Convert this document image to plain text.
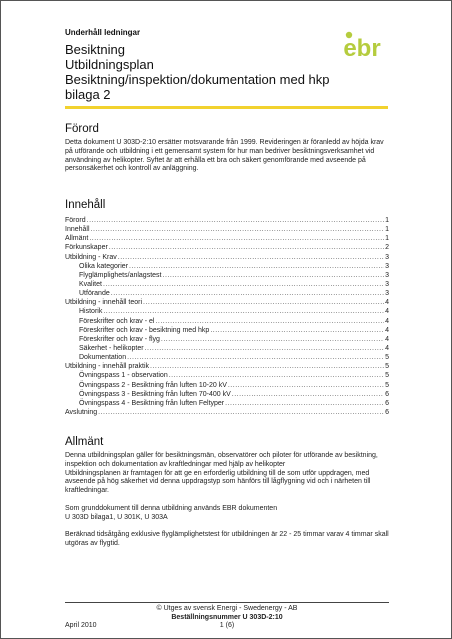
Underhåll ledningar
Besiktning
Utbildningsplan
Besiktning/inspektion/dokumentation med hkp
bilaga 2
ebr
Förord

Detta dokument U 303D-2:10 ersätter motsvarande från 1999. Revideringen är föranledd av höjda krav på utförande och utbildning i ett gemensamt system för hur man bedriver besiktningsverksamhet vid användning av helikopter. Syftet är att erhålla ett bra och säkert genomförande med avseende på personsäkerhet och kontroll av anläggning.

Innehåll
Förord .....	1
Innehåll .....	1
Allmänt .....	1
Förkunskaper .....	2
Utbildning - Krav .....	3
Olika kategorier .....	3
Flyglämplighets/anlagstest .....	3
Kvalitet .....	3
Utförande .....	3
Utbildning - innehåll teori .....	4
Historik .....	4
Föreskrifter och krav - el .....	4
Föreskrifter och krav - besiktning med hkp .....	4
Föreskrifter och krav - flyg .....	4
Säkerhet - helikopter .....	4
Dokumentation .....	5
Utbildning - innehåll praktik .....	5
Övningspass 1 - observation .....	5
Övningspass 2 - Besiktning från luften 10-20 kV .....	5
Övningspass 3 - Besiktning från luften 70-400 kV .....	6
Övningspass 4 - Besiktning från luften Feltyper .....	6
Avslutning .....	6
Allmänt

Denna utbildningsplan gäller för besiktningsmän, observatörer och piloter för utförande av besiktning, inspektion och dokumentation av kraftledningar med hjälp av helikopter

Utbildningsplanen är framtagen för att ge en erforderlig utbildning till de som utför uppdragen, med avseende på hög säkerhet vid denna uppdragstyp som hänförs till lågflygning vid och i närheten till kraftledningar.

Som grunddokument till denna utbildning används EBR dokumenten

U 303D bilaga1, U 301K, U 303A

Beräknad tidsåtgång exklusive flyglämplighetstest för utbildningen är 22 - 25 timmar varav 4 timmar skall utgöras av flygtid.

© Utges av svensk Energi - Swedenergy - AB
Beställningsnummer U 303D-2:10
1 (6)
April 2010
